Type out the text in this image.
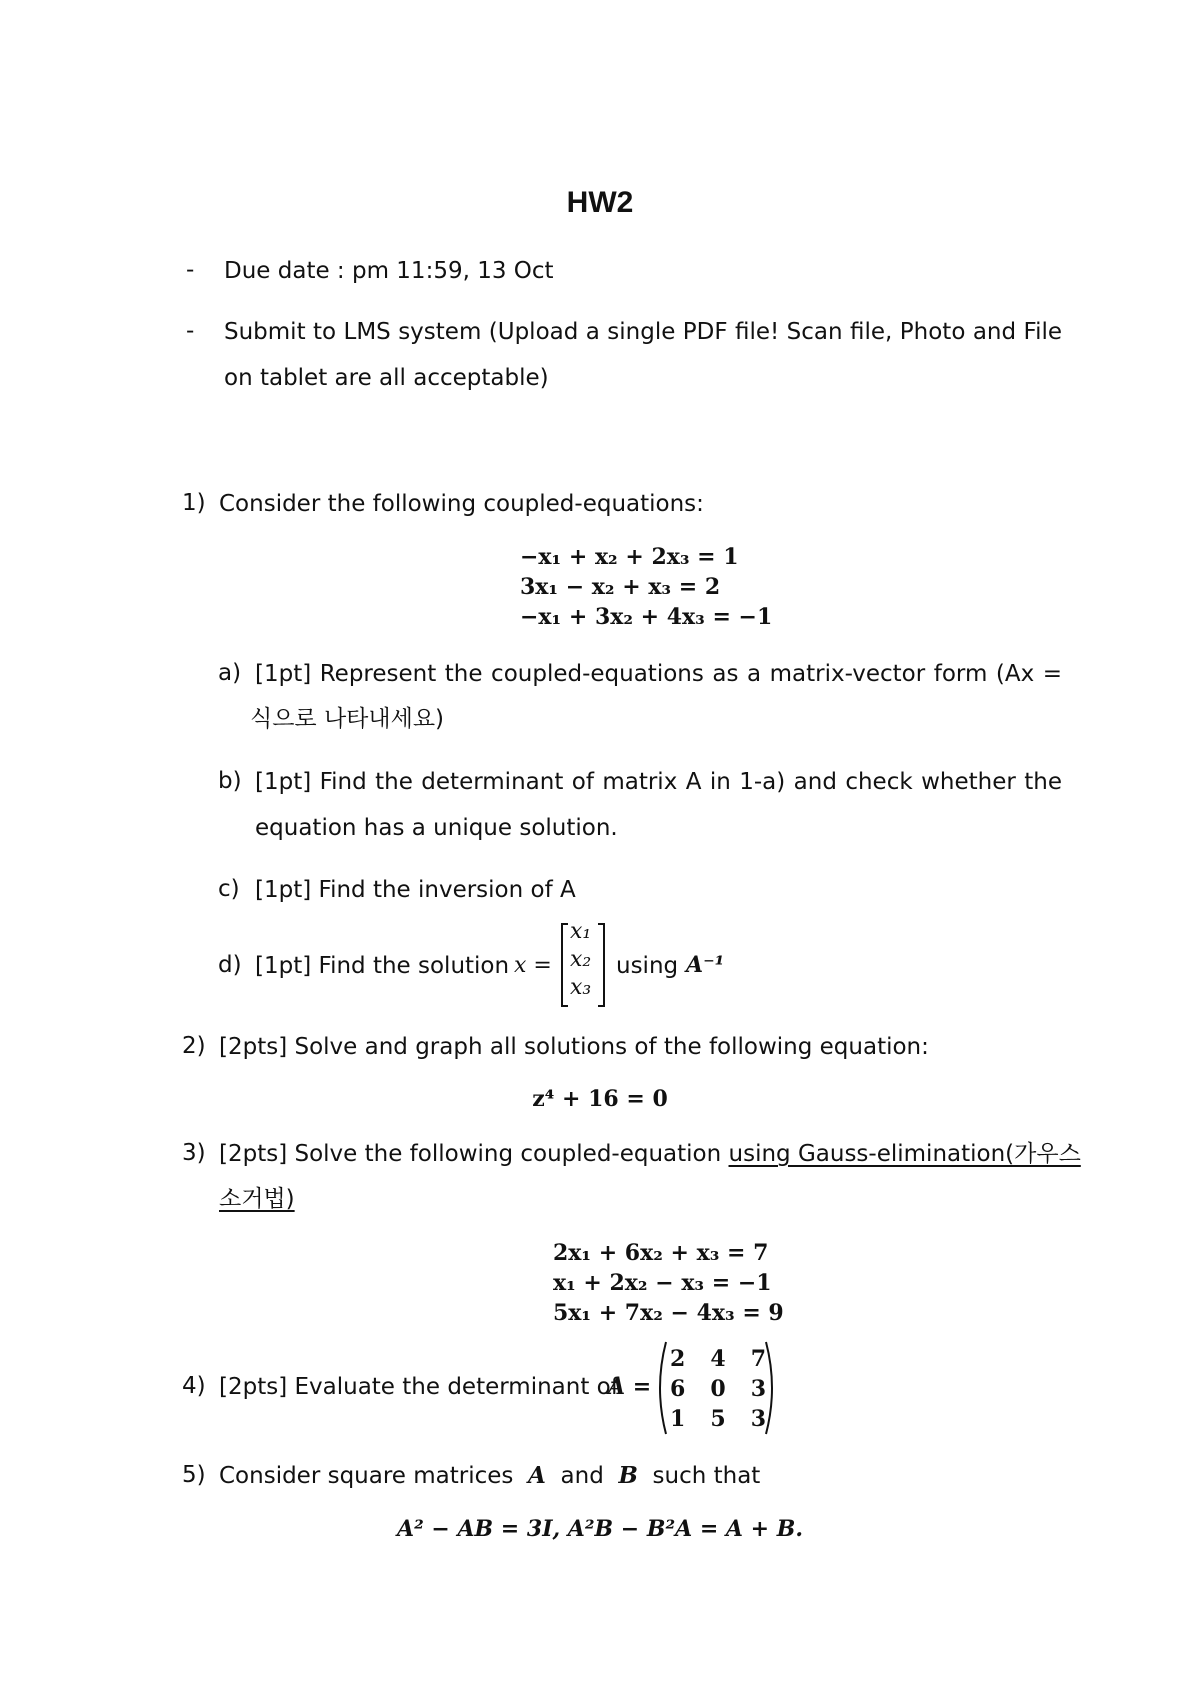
HW2
- Due date : pm 11:59, 13 Oct
- Submit to LMS system (Upload a single PDF file! Scan file, Photo and File
on tablet are all acceptable)
1) Consider the following coupled-equations:
−x₁ + x₂ + 2x₃ = 1
3x₁ − x₂ + x₃ = 2
−x₁ + 3x₂ + 4x₃ = −1
a) [1pt] Represent the coupled-equations as a matrix-vector form (Ax =
식으로 나타내세요)
b) [1pt] Find the determinant of matrix A in 1-a) and check whether the
equation has a unique solution.
c) [1pt] Find the inversion of A
d) [1pt] Find the solution x =
x₁
x₂
x₃
using A⁻¹
2) [2pts] Solve and graph all solutions of the following equation:
z⁴ + 16 = 0
3) [2pts] Solve the following coupled-equation using Gauss-elimination(가우스
소거법)
2x₁ + 6x₂ + x₃ = 7
x₁ + 2x₂ − x₃ = −1
5x₁ + 7x₂ − 4x₃ = 9
4) [2pts] Evaluate the determinant of
A =
2 4 7
6 0 3
1 5 3
5) Consider square matrices A and B such that
A² − AB = 3I, A²B − B²A = A + B.
